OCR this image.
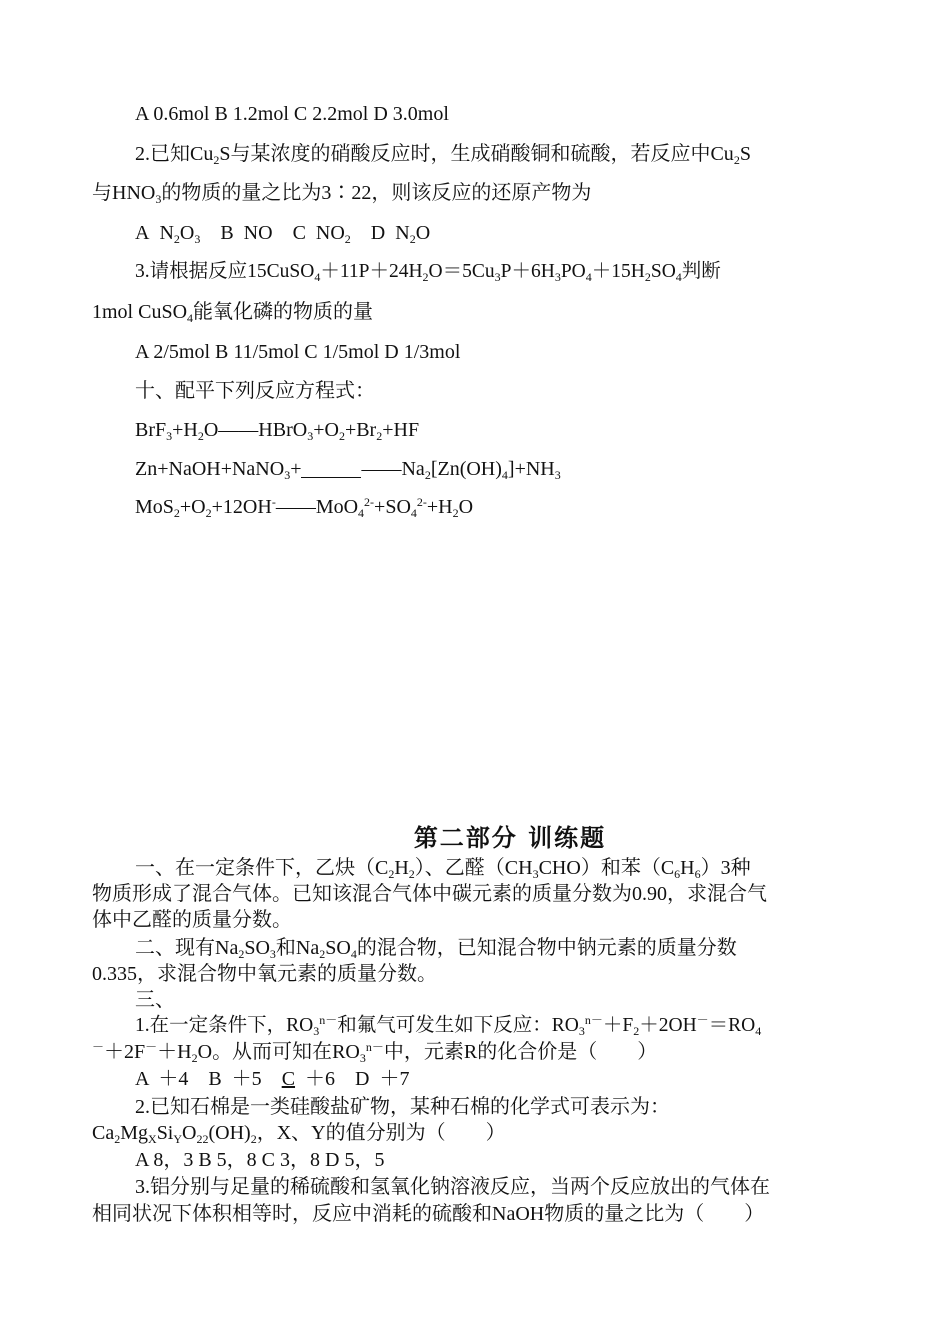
A 0.6mol B 1.2mol C 2.2mol D 3.0mol
2.已知$Cu_2S$与某浓度的硝酸反应时，生成硝酸铜和硫酸，若反应中$Cu_2S$
与$HNO_3$的物质的量之比为3∶22，则该反应的还原产物为
A  $N_2O_3$    B  NO    C  $NO_2$    D  $N_2O$
3.请根据反应$15CuSO_4+11P+24H_2O=5Cu_3P+6H_3PO_4+15H_2SO_4$判断
1mol CuSO$_4$能氧化磷的物质的量
A 2/5mol B 11/5mol C 1/5mol D 1/3mol
十、配平下列反应方程式：
$BrF_3+H_2O——HBrO_3+O_2+Br_2+HF$
Zn+NaOH+NaNO$_3$+	$——Na_2[Zn(OH)_4]+NH_3$
$MoS_2+O_2+12OH^-——MoO_4^{2-}+SO_4^{2-}+H_2O$
第二部分 训练题
一、在一定条件下，乙炔$(C_2H_2)$、乙醛$(CH_3CHO)$和苯$(C_6H_6)3$种
物质形成了混合气体。已知该混合气体中碳元素的质量分数为0.90，求混合气
体中乙醛的质量分数。
二、现有$Na_2SO_3$和$Na_2SO_4$的混合物，已知混合物中钠元素的质量分数
0.335，求混合物中氧元素的质量分数。
三、
1.在一定条件下，$RO_3^{n-}$和氟气可发生如下反应：$RO_3^{n-}+F_2+2OH^-=RO_4$
$^-+2F^-+H_2O$。从而可知在$RO_3^{n-}$中，元素R的化合价是（　　）
A  ＋4    B  ＋5    C  ＋6    D  ＋7
2.已知石棉是一类硅酸盐矿物，某种石棉的化学式可表示为：
$Ca_2Mg_XSi_YO_{22}(OH)_2$，X、Y的值分别为（　　）
A 8，3 B 5，8 C 3，8 D 5，5
3.铝分别与足量的稀硫酸和氢氧化钠溶液反应，当两个反应放出的气体在
相同状况下体积相等时，反应中消耗的硫酸和NaOH物质的量之比为（　　）
